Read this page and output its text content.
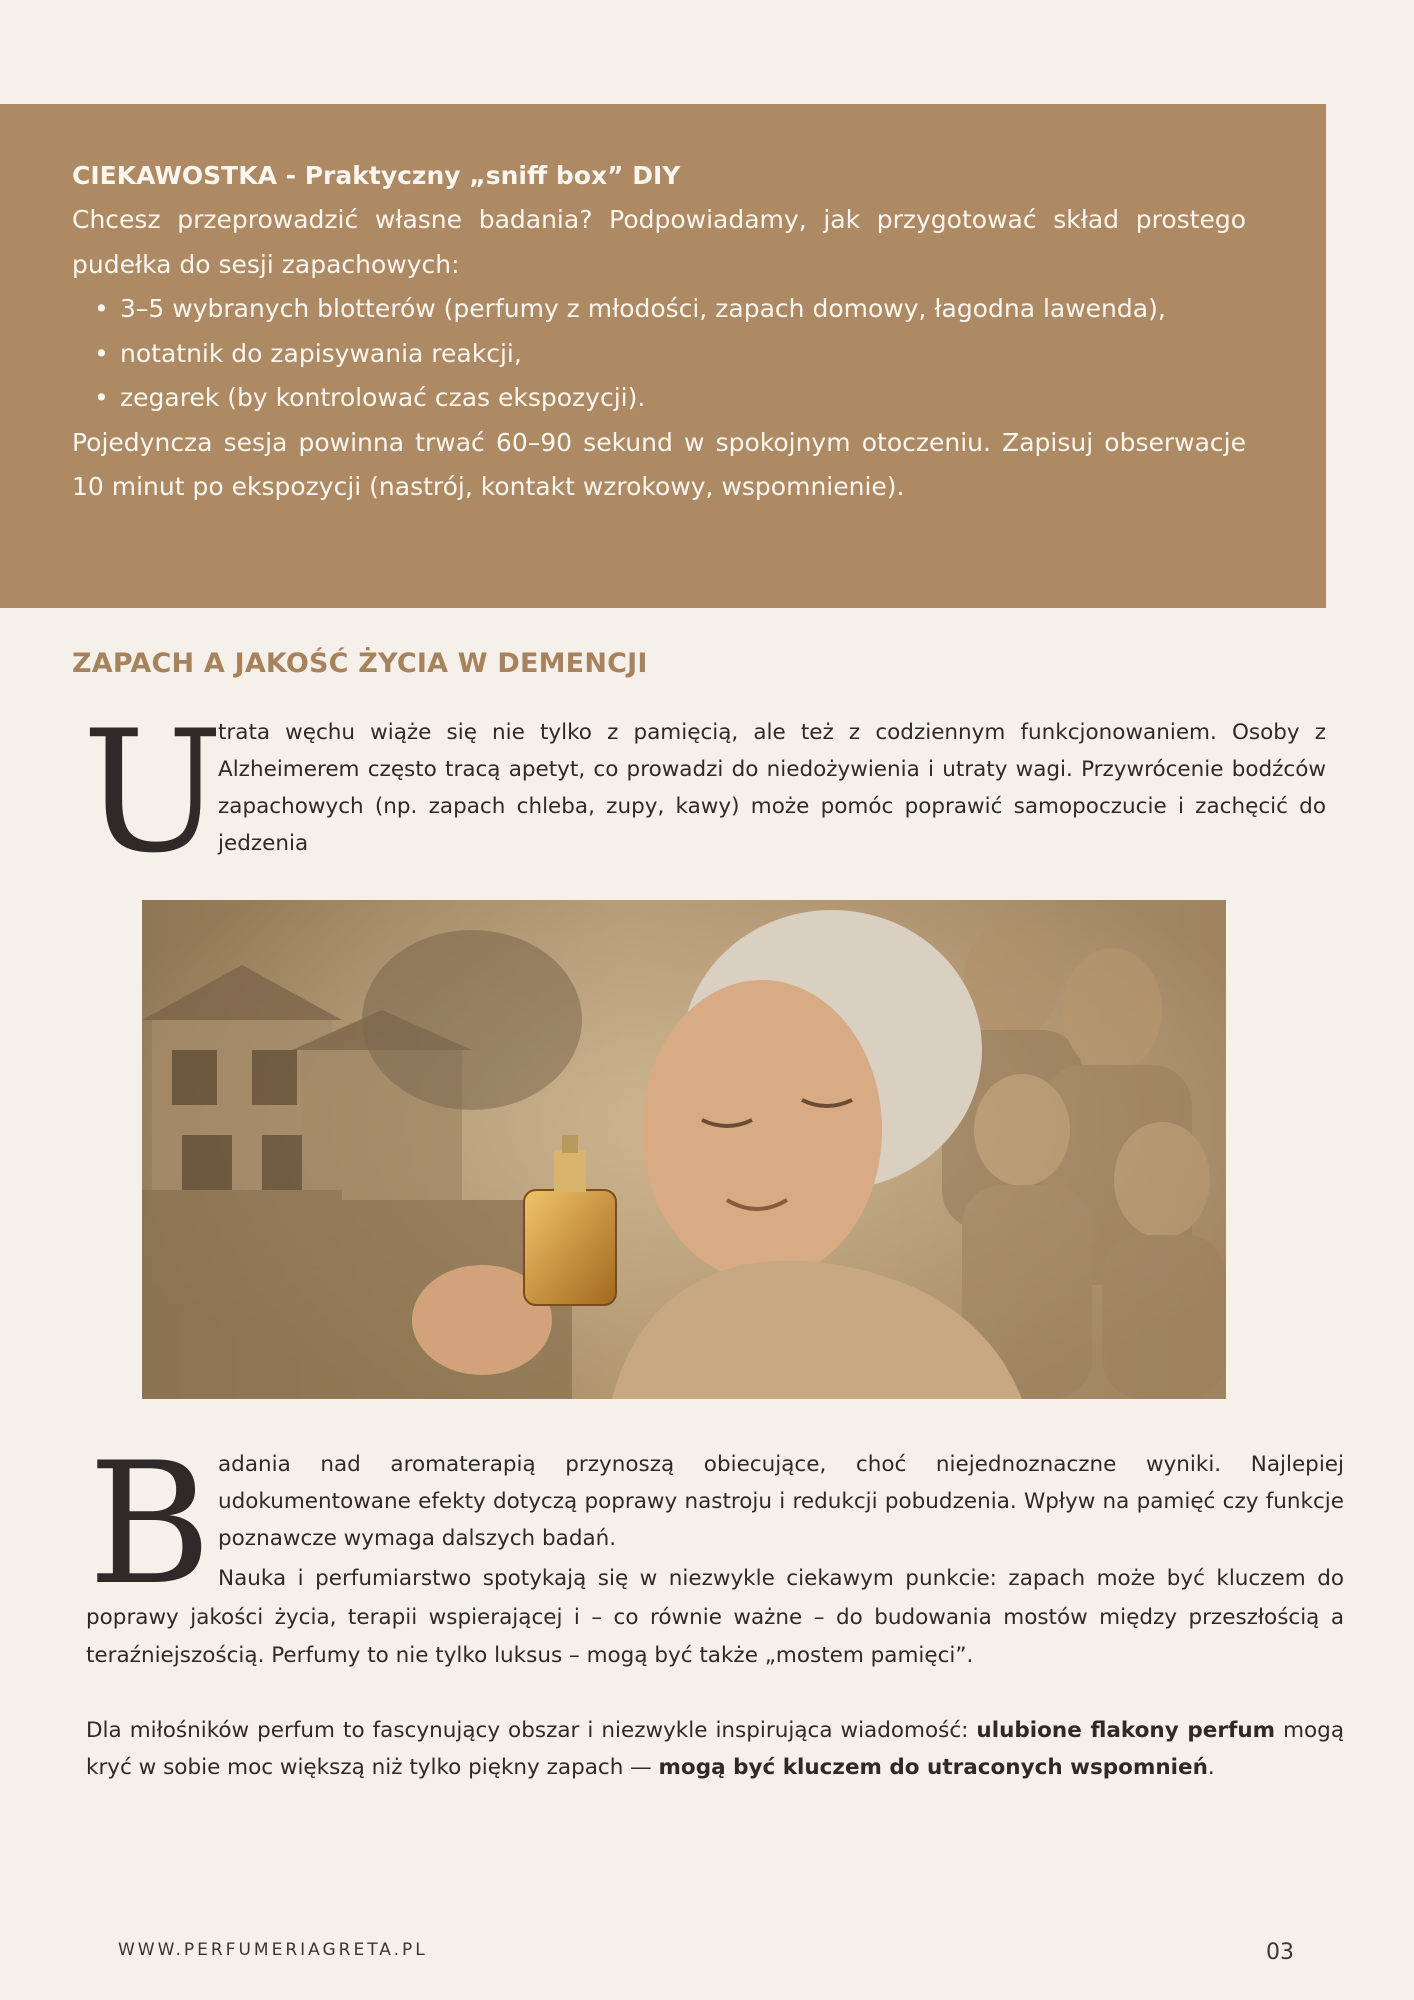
CIEKAWOSTKA - Praktyczny „sniff box” DIY

Chcesz przeprowadzić własne badania? Podpowiadamy, jak przygotować skład prostego pudełka do sesji zapachowych:

• 3–5 wybranych blotterów (perfumy z młodości, zapach domowy, łagodna lawenda),
• notatnik do zapisywania reakcji,
• zegarek (by kontrolować czas ekspozycji).

Pojedyncza sesja powinna trwać 60–90 sekund w spokojnym otoczeniu. Zapisuj obserwacje 10 minut po ekspozycji (nastrój, kontakt wzrokowy, wspomnienie).

ZAPACH A JAKOŚĆ ŻYCIA W DEMENCJI
U

trata węchu wiąże się nie tylko z pamięcią, ale też z codziennym funkcjonowaniem. Osoby z Alzheimerem często tracą apetyt, co prowadzi do niedożywienia i utraty wagi. Przywrócenie bodźców zapachowych (np. zapach chleba, zupy, kawy) może pomóc poprawić samopoczucie i zachęcić do jedzenia

B adania nad aromaterapią przynoszą obiecujące, choć niejednoznaczne wyniki. Najlepiej udokumentowane efekty dotyczą poprawy nastroju i redukcji pobudzenia. Wpływ na pamięć czy funkcje poznawcze wymaga dalszych badań.

Nauka i perfumiarstwo spotykają się w niezwykle ciekawym punkcie: zapach może być kluczem do poprawy jakości życia, terapii wspierającej i – co równie ważne – do budowania mostów między przeszłością a teraźniejszością. Perfumy to nie tylko luksus – mogą być także „mostem pamięci”.

Dla miłośników perfum to fascynujący obszar i niezwykle inspirująca wiadomość: ulubione flakony perfum mogą kryć w sobie moc większą niż tylko piękny zapach — mogą być kluczem do utraconych wspomnień.

WWW.PERFUMERIAGRETA.PL	03
